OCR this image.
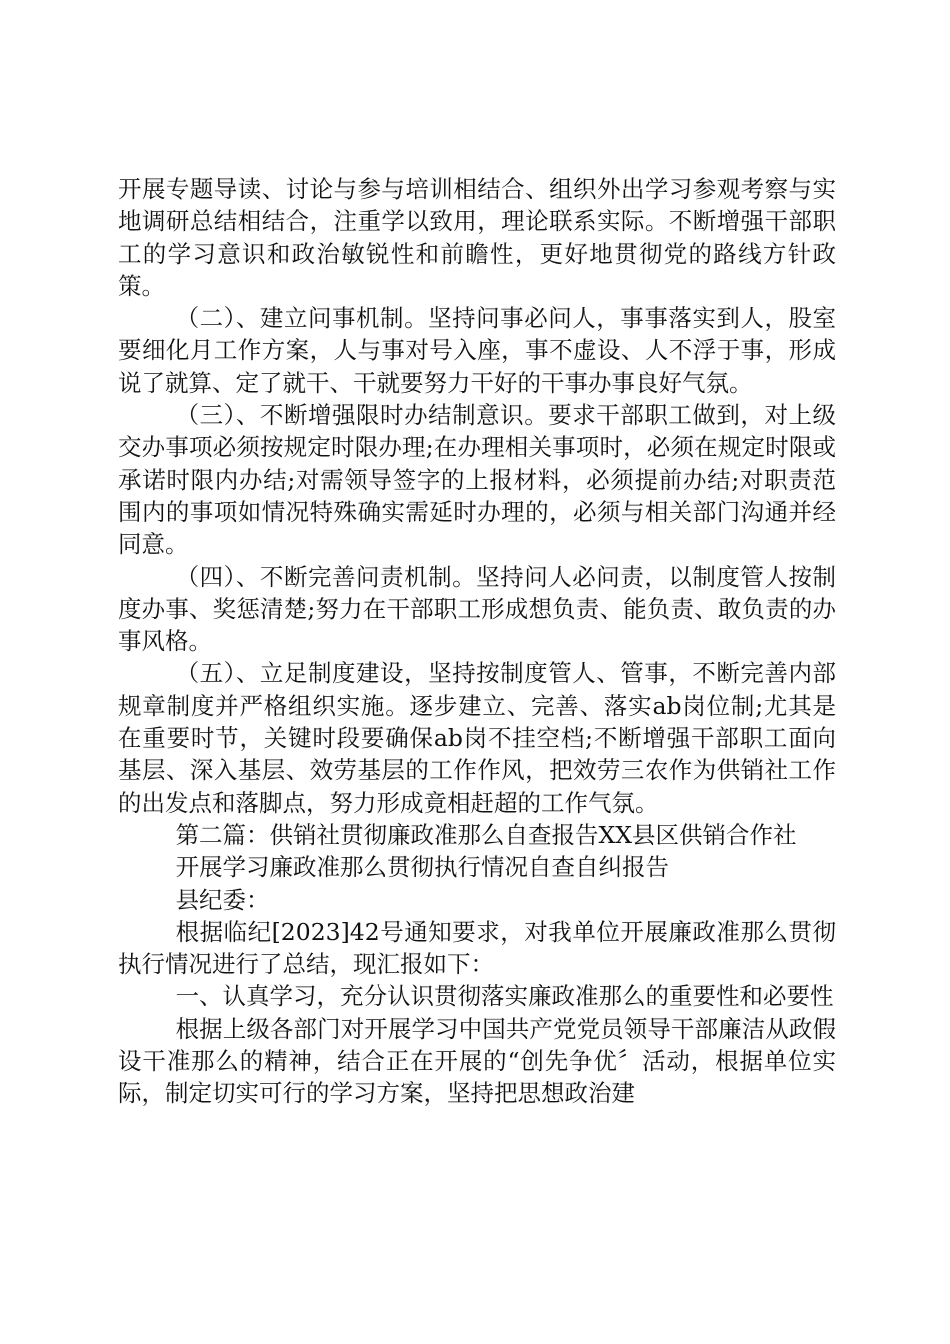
开展专题导读、讨论与参与培训相结合、组织外出学习参观考察与实地调研总结相结合，注重学以致用，理论联系实际。不断增强干部职工的学习意识和政治敏锐性和前瞻性，更好地贯彻党的路线方针政策。

（二）、建立问事机制。坚持问事必问人，事事落实到人，股室要细化月工作方案，人与事对号入座，事不虚设、人不浮于事，形成说了就算、定了就干、干就要努力干好的干事办事良好气氛。

（三）、不断增强限时办结制意识。要求干部职工做到，对上级交办事项必须按规定时限办理;在办理相关事项时，必须在规定时限或承诺时限内办结;对需领导签字的上报材料，必须提前办结;对职责范围内的事项如情况特殊确实需延时办理的，必须与相关部门沟通并经同意。

（四）、不断完善问责机制。坚持问人必问责，以制度管人按制度办事、奖惩清楚;努力在干部职工形成想负责、能负责、敢负责的办事风格。

（五）、立足制度建设，坚持按制度管人、管事，不断完善内部规章制度并严格组织实施。逐步建立、完善、落实ab岗位制;尤其是在重要时节，关键时段要确保ab岗不挂空档;不断增强干部职工面向基层、深入基层、效劳基层的工作作风，把效劳三农作为供销社工作的出发点和落脚点，努力形成竟相赶超的工作气氛。

第二篇：供销社贯彻廉政准那么自查报告XX县区供销合作社

开展学习廉政准那么贯彻执行情况自查自纠报告

县纪委：

根据临纪[2023]42号通知要求，对我单位开展廉政准那么贯彻执行情况进行了总结，现汇报如下：

一、认真学习，充分认识贯彻落实廉政准那么的重要性和必要性

根据上级各部门对开展学习中国共产党党员领导干部廉洁从政假设干准那么的精神，结合正在开展的“创先争优〞活动，根据单位实际，制定切实可行的学习方案，坚持把思想政治建
